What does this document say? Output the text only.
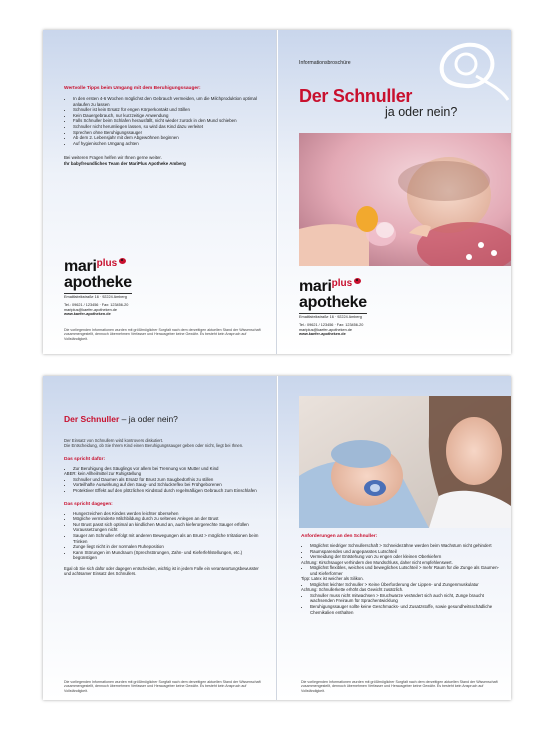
Wertvolle Tipps beim Umgang mit dem Beruhigungssauger:
• In den ersten 4-6 Wochen möglichst den Gebrauch vermeiden, um die Milchproduktion optimal anlaufen zu lassen
• Schnuller ist kein Ersatz für engen Körperkontakt und Stillen
• Kein Dauergebrauch, nur kurzzeitige Anwendung
• Falls Schnuller beim Schlafen herausfällt, nicht wieder zurück in den Mund schieben
• Schnuller nicht herumliegen lassen, so wird das Kind dazu verleitet
• Sprechen ohne Beruhigungssauger
• Ab dem 2. Lebensjahr mit dem Abgewöhnen beginnen
• Auf hygienischen Umgang achten
Bei weiteren Fragen helfen wir Ihnen gerne weiter.
Ihr babyfreundliches Team der MariPlus Apotheke Amberg
mari$^{plus}$
apotheke
Emailfabrikstraße 16 · 92224 Amberg
Tel.: 09621 / 123456 · Fax: 123456-20
mariplus@kaefer-apotheken.de
www.kaefer-apotheken.de
Die vorliegenden Informationen wurden mit größtmöglicher Sorgfalt nach dem derzeitigen aktuellen Stand der Wissenschaft zusammengestellt, dennoch übernehmen Verfasser und Herausgeber keine Gewähr. Es besteht kein Anspruch auf Vollständigkeit.
Informationsbroschüre
Der Schnuller
ja oder nein?
mari$^{plus}$
apotheke
Emailfabrikstraße 16 · 92224 Amberg
Tel.: 09621 / 123456 · Fax: 123456-20
mariplus@kaefer-apotheken.de
www.kaefer-apotheken.de
Der Schnuller – ja oder nein?
Der Einsatz von Schnullern wird kontrovers diskutiert.
Die Entscheidung, ob Sie Ihrem Kind einen Beruhigungssauger geben oder nicht, liegt bei Ihnen.
Das spricht dafür:
• Zur Beruhigung des Säuglings vor allem bei Trennung von Mutter und Kind
ABER: kein Allheilmittel zur Ruhigstellung
• Schnuller und Daumen als Ersatz für Brust zum Saugbedürfnis zu stillen
• Vorteilhafte Auswirkung auf den Saug- und Schluckreflex bei Frühgeborenen
• Protektiver Effekt auf den plötzlichen Kindstod durch regelmäßigen Gebrauch zum Einschlafen
Das spricht dagegen:
• Hungerzeichen des Kindes werden leichter übersehen
• Mögliche verminderte Milchbildung durch zu seltenes Anlegen an der Brust
• Nur Brust passt sich optimal an kindlichen Mund an, auch kieferorgerechte Sauger erfüllen Voraussetzungen nicht
• Sauger am Schnuller erfolgt mit anderen Bewegungen als an Brust > mögliche Irritationen beim Trinken
• Zunge liegt nicht in der normalen Ruheposition
• Kann Störungen im Mundraum (Sprechstörungen, Zahn- und Kieferfehlstellungen, etc.) begünstigen
Egal ob Sie sich dafür oder dagegen entscheiden, wichtig ist in jedem Falle ein verantwortungsbewusster und achtsamer Einsatz des Schnullers.
Die vorliegenden Informationen wurden mit größtmöglicher Sorgfalt nach dem derzeitigen aktuellen Stand der Wissenschaft zusammengestellt, dennoch übernehmen Verfasser und Herausgeber keine Gewähr. Es besteht kein Anspruch auf Vollständigkeit.
Anforderungen an den Schnuller:
• Möglichst niedriger Schnullerschaft > Schneidezähne werden beim Wachstum nicht gehindert
• Raumsparendes und angepasstes Lutschteil
• Vermeidung der Entstehung von zu engen oder kleinen Oberkiefern
Achtung: Kirschsauger verhindern den Mundschluss, daher nicht empfehlenswert.
• Möglichst flexibles, weiches und bewegliches Lutschteil > mehr Raum für die Zunge als Gaumen- und Kieferformer
Tipp: Latex ist weicher als Silikon.
• Möglichst leichter Schnuller > Keine Überforderung der Lippen- und Zungenmuskulatur
Achtung: Schnullerkette erhöht das Gewicht zusätzlich.
• Schnuller muss nicht mitwachsen > Bruchwarze verändert sich auch nicht, Zunge braucht wachsenden Freiraum für Sprachentwicklung
• Beruhigungssauger sollte keine Geschmacks- und Zusatzstoffe, sowie gesundheitsschädliche Chemikalien enthalten
Die vorliegenden Informationen wurden mit größtmöglicher Sorgfalt nach dem derzeitigen aktuellen Stand der Wissenschaft zusammengestellt, dennoch übernehmen Verfasser und Herausgeber keine Gewähr. Es besteht kein Anspruch auf Vollständigkeit.
